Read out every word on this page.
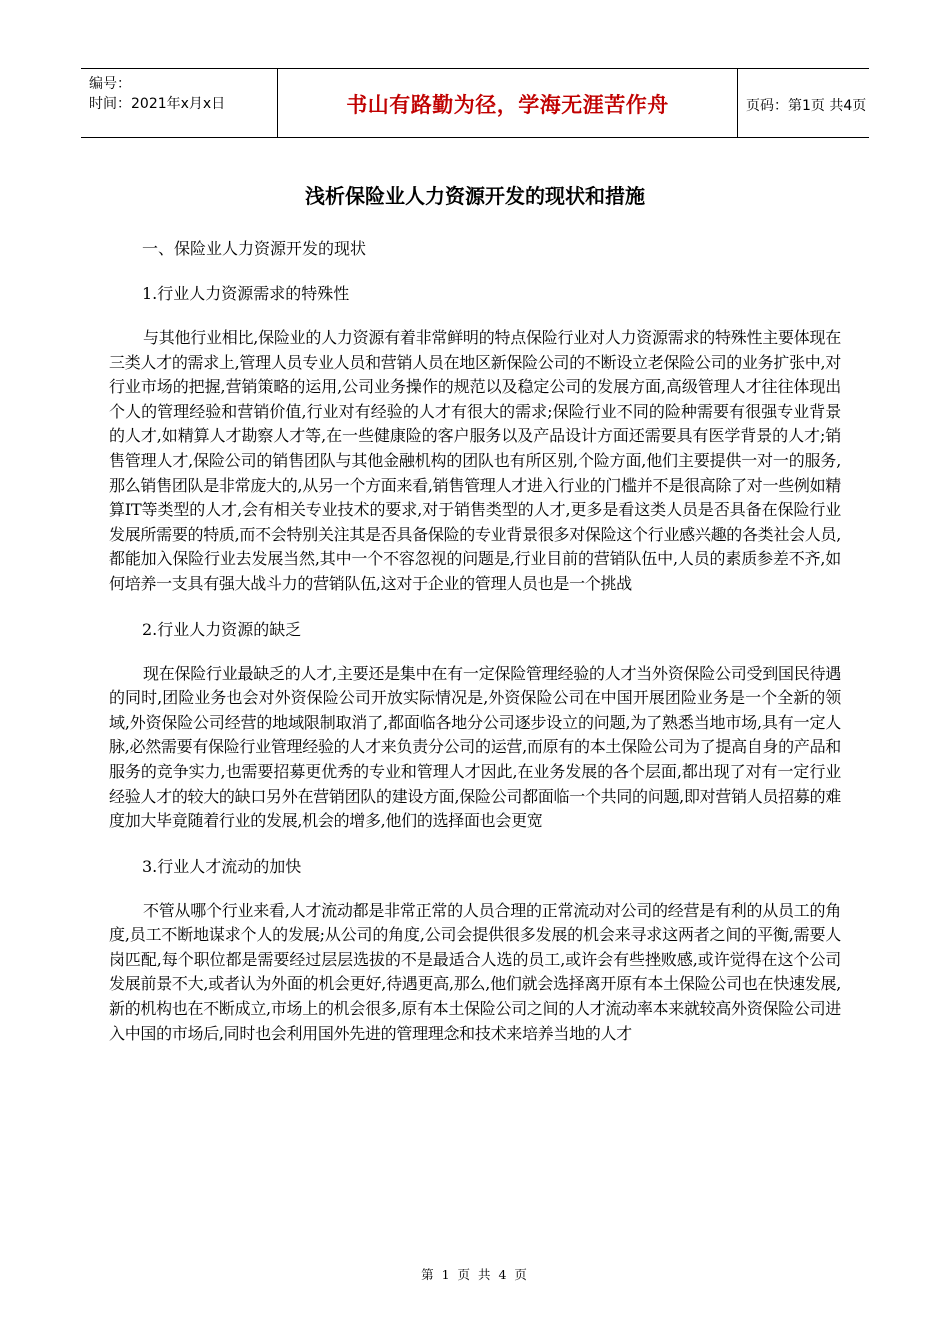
编号：
时间：2021年x月x日	书山有路勤为径，学海无涯苦作舟	页码：第1页 共4页
浅析保险业人力资源开发的现状和措施

一、保险业人力资源开发的现状

1.行业人力资源需求的特殊性

与其他行业相比,保险业的人力资源有着非常鲜明的特点保险行业对人力资源需求的特殊性主要体现在三类人才的需求上,管理人员专业人员和营销人员在地区新保险公司的不断设立老保险公司的业务扩张中,对行业市场的把握,营销策略的运用,公司业务操作的规范以及稳定公司的发展方面,高级管理人才往往体现出个人的管理经验和营销价值,行业对有经验的人才有很大的需求;保险行业不同的险种需要有很强专业背景的人才,如精算人才勘察人才等,在一些健康险的客户服务以及产品设计方面还需要具有医学背景的人才;销售管理人才,保险公司的销售团队与其他金融机构的团队也有所区别,个险方面,他们主要提供一对一的服务,那么销售团队是非常庞大的,从另一个方面来看,销售管理人才进入行业的门槛并不是很高除了对一些例如精算IT等类型的人才,会有相关专业技术的要求,对于销售类型的人才,更多是看这类人员是否具备在保险行业发展所需要的特质,而不会特别关注其是否具备保险的专业背景很多对保险这个行业感兴趣的各类社会人员,都能加入保险行业去发展当然,其中一个不容忽视的问题是,行业目前的营销队伍中,人员的素质参差不齐,如何培养一支具有强大战斗力的营销队伍,这对于企业的管理人员也是一个挑战

2.行业人力资源的缺乏

现在保险行业最缺乏的人才,主要还是集中在有一定保险管理经验的人才当外资保险公司受到国民待遇的同时,团险业务也会对外资保险公司开放实际情况是,外资保险公司在中国开展团险业务是一个全新的领域,外资保险公司经营的地域限制取消了,都面临各地分公司逐步设立的问题,为了熟悉当地市场,具有一定人脉,必然需要有保险行业管理经验的人才来负责分公司的运营,而原有的本土保险公司为了提高自身的产品和服务的竞争实力,也需要招募更优秀的专业和管理人才因此,在业务发展的各个层面,都出现了对有一定行业经验人才的较大的缺口另外在营销团队的建设方面,保险公司都面临一个共同的问题,即对营销人员招募的难度加大毕竟随着行业的发展,机会的增多,他们的选择面也会更宽

3.行业人才流动的加快

不管从哪个行业来看,人才流动都是非常正常的人员合理的正常流动对公司的经营是有利的从员工的角度,员工不断地谋求个人的发展;从公司的角度,公司会提供很多发展的机会来寻求这两者之间的平衡,需要人岗匹配,每个职位都是需要经过层层选拔的不是最适合人选的员工,或许会有些挫败感,或许觉得在这个公司发展前景不大,或者认为外面的机会更好,待遇更高,那么,他们就会选择离开原有本土保险公司也在快速发展,新的机构也在不断成立,市场上的机会很多,原有本土保险公司之间的人才流动率本来就较高外资保险公司进入中国的市场后,同时也会利用国外先进的管理理念和技术来培养当地的人才

第 1 页 共 4 页
